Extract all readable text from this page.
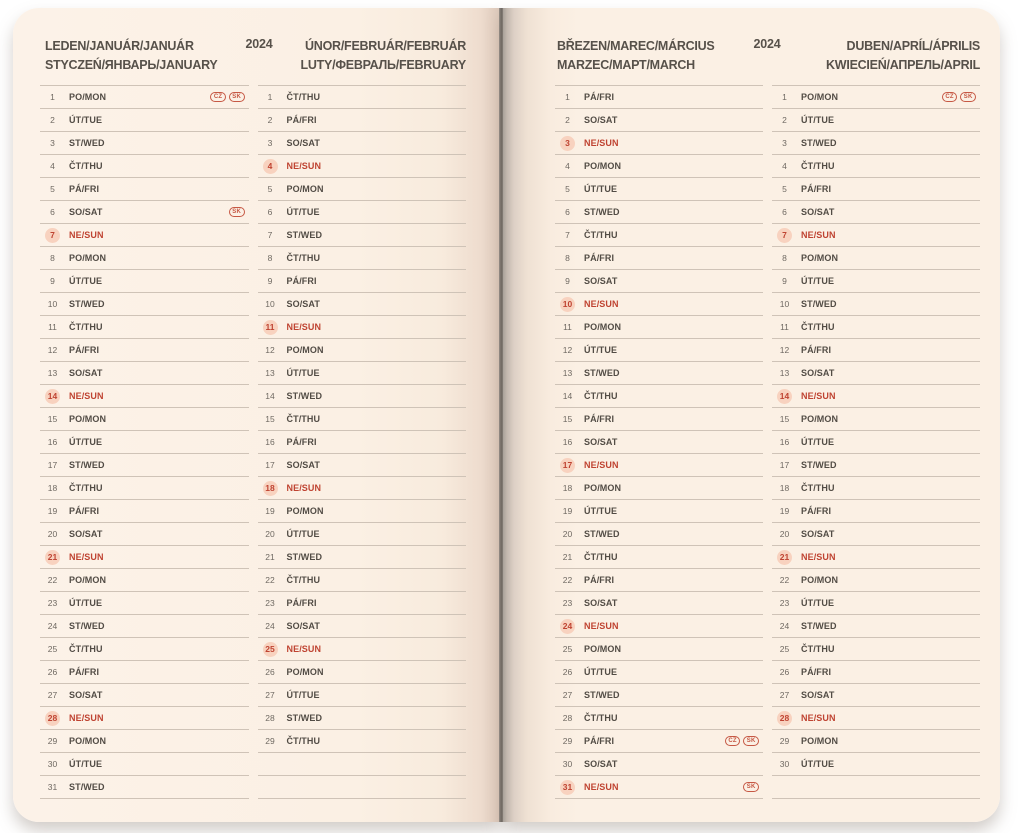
LEDEN/JANUÁR/JANUÁR
STYCZEŃ/ЯНВАРЬ/JANUARY
2024	ÚNOR/FEBRUÁR/FEBRUÁR
LUTY/ФЕВРАЛЬ/FEBRUARY
1	PO/MON	CZ	SK
2	ÚT/TUE
3	ST/WED
4	ČT/THU
5	PÁ/FRI
6	SO/SAT	SK
7	NE/SUN
8	PO/MON
9	ÚT/TUE
10	ST/WED
11	ČT/THU
12	PÁ/FRI
13	SO/SAT
14	NE/SUN
15	PO/MON
16	ÚT/TUE
17	ST/WED
18	ČT/THU
19	PÁ/FRI
20	SO/SAT
21	NE/SUN
22	PO/MON
23	ÚT/TUE
24	ST/WED
25	ČT/THU
26	PÁ/FRI
27	SO/SAT
28	NE/SUN
29	PO/MON
30	ÚT/TUE
31	ST/WED
1	ČT/THU
2	PÁ/FRI
3	SO/SAT
4	NE/SUN
5	PO/MON
6	ÚT/TUE
7	ST/WED
8	ČT/THU
9	PÁ/FRI
10	SO/SAT
11	NE/SUN
12	PO/MON
13	ÚT/TUE
14	ST/WED
15	ČT/THU
16	PÁ/FRI
17	SO/SAT
18	NE/SUN
19	PO/MON
20	ÚT/TUE
21	ST/WED
22	ČT/THU
23	PÁ/FRI
24	SO/SAT
25	NE/SUN
26	PO/MON
27	ÚT/TUE
28	ST/WED
29	ČT/THU
BŘEZEN/MAREC/MÁRCIUS
MARZEC/МАРТ/MARCH
2024	DUBEN/APRÍL/ÁPRILIS
KWIECIEŃ/АПРЕЛЬ/APRIL
1	PÁ/FRI
2	SO/SAT
3	NE/SUN
4	PO/MON
5	ÚT/TUE
6	ST/WED
7	ČT/THU
8	PÁ/FRI
9	SO/SAT
10	NE/SUN
11	PO/MON
12	ÚT/TUE
13	ST/WED
14	ČT/THU
15	PÁ/FRI
16	SO/SAT
17	NE/SUN
18	PO/MON
19	ÚT/TUE
20	ST/WED
21	ČT/THU
22	PÁ/FRI
23	SO/SAT
24	NE/SUN
25	PO/MON
26	ÚT/TUE
27	ST/WED
28	ČT/THU
29	PÁ/FRI	CZ	SK
30	SO/SAT
31	NE/SUN	SK
1	PO/MON	CZ	SK
2	ÚT/TUE
3	ST/WED
4	ČT/THU
5	PÁ/FRI
6	SO/SAT
7	NE/SUN
8	PO/MON
9	ÚT/TUE
10	ST/WED
11	ČT/THU
12	PÁ/FRI
13	SO/SAT
14	NE/SUN
15	PO/MON
16	ÚT/TUE
17	ST/WED
18	ČT/THU
19	PÁ/FRI
20	SO/SAT
21	NE/SUN
22	PO/MON
23	ÚT/TUE
24	ST/WED
25	ČT/THU
26	PÁ/FRI
27	SO/SAT
28	NE/SUN
29	PO/MON
30	ÚT/TUE
